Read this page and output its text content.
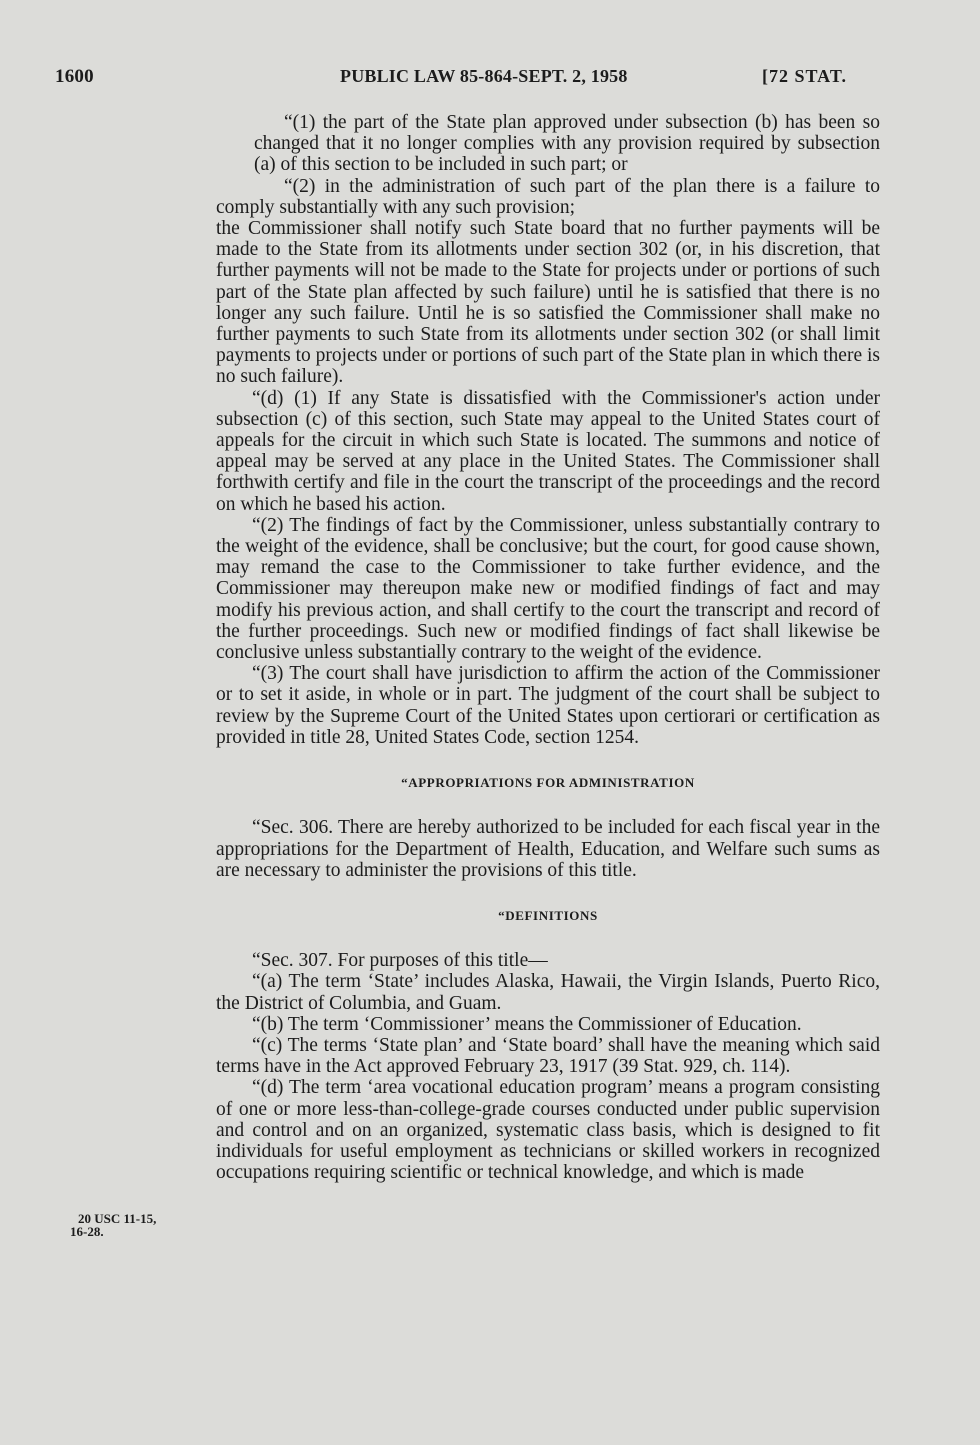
1600	PUBLIC LAW 85-864-SEPT. 2, 1958	[72 STAT.

“(1) the part of the State plan approved under subsection (b) has been so changed that it no longer complies with any provision required by subsection (a) of this section to be included in such part; or

“(2) in the administration of such part of the plan there is a failure to comply substantially with any such provision;

the Commissioner shall notify such State board that no further payments will be made to the State from its allotments under section 302 (or, in his discretion, that further payments will not be made to the State for projects under or portions of such part of the State plan affected by such failure) until he is satisfied that there is no longer any such failure. Until he is so satisfied the Commissioner shall make no further payments to such State from its allotments under section 302 (or shall limit payments to projects under or portions of such part of the State plan in which there is no such failure).

“(d) (1) If any State is dissatisfied with the Commissioner's action under subsection (c) of this section, such State may appeal to the United States court of appeals for the circuit in which such State is located. The summons and notice of appeal may be served at any place in the United States. The Commissioner shall forthwith certify and file in the court the transcript of the proceedings and the record on which he based his action.

“(2) The findings of fact by the Commissioner, unless substantially contrary to the weight of the evidence, shall be conclusive; but the court, for good cause shown, may remand the case to the Commissioner to take further evidence, and the Commissioner may thereupon make new or modified findings of fact and may modify his previous action, and shall certify to the court the transcript and record of the further proceedings. Such new or modified findings of fact shall likewise be conclusive unless substantially contrary to the weight of the evidence.

“(3) The court shall have jurisdiction to affirm the action of the Commissioner or to set it aside, in whole or in part. The judgment of the court shall be subject to review by the Supreme Court of the United States upon certiorari or certification as provided in title 28, United States Code, section 1254.

“APPROPRIATIONS FOR ADMINISTRATION

“Sec. 306. There are hereby authorized to be included for each fiscal year in the appropriations for the Department of Health, Education, and Welfare such sums as are necessary to administer the provisions of this title.

“DEFINITIONS

“Sec. 307. For purposes of this title—

“(a) The term ‘State’ includes Alaska, Hawaii, the Virgin Islands, Puerto Rico, the District of Columbia, and Guam.

“(b) The term ‘Commissioner’ means the Commissioner of Education.

“(c) The terms ‘State plan’ and ‘State board’ shall have the meaning which said terms have in the Act approved February 23, 1917 (39 Stat. 929, ch. 114).

“(d) The term ‘area vocational education program’ means a program consisting of one or more less-than-college-grade courses conducted under public supervision and control and on an organized, systematic class basis, which is designed to fit individuals for useful employment as technicians or skilled workers in recognized occupations requiring scientific or technical knowledge, and which is made

20 USC 11-15,
16-28.
